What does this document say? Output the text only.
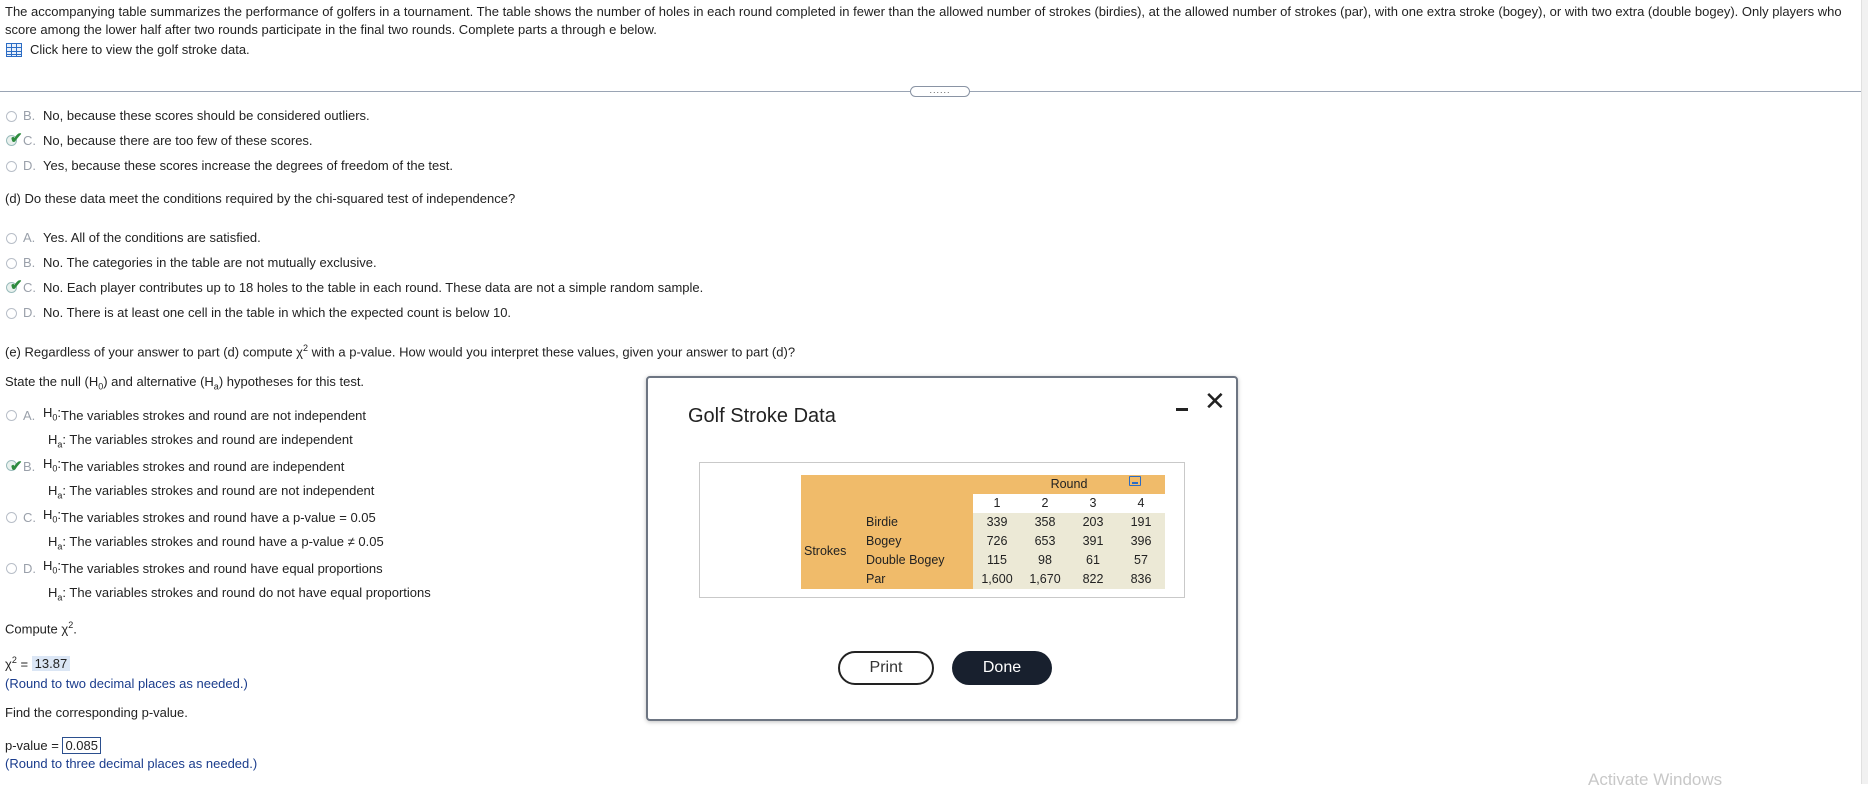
The accompanying table summarizes the performance of golfers in a tournament. The table shows the number of holes in each round completed in fewer than the allowed number of strokes (birdies), at the allowed number of strokes (par), with one extra stroke (bogey), or with two extra (double bogey). Only players who score among the lower half after two rounds participate in the final two rounds. Complete parts a through e below.
Click here to view the golf stroke data.
......
B. No, because these scores should be considered outliers.
✔ C. No, because there are too few of these scores.
D. Yes, because these scores increase the degrees of freedom of the test.
(d) Do these data meet the conditions required by the chi-squared test of independence?
A. Yes. All of the conditions are satisfied.
B. No. The categories in the table are not mutually exclusive.
✔ C. No. Each player contributes up to 18 holes to the table in each round. These data are not a simple random sample.
D. No. There is at least one cell in the table in which the expected count is below 10.
(e) Regardless of your answer to part (d) compute $\chi^2$ with a p-value. How would you interpret these values, given your answer to part (d)?
State the null $(H_0)$ and alternative $(H_a)$ hypotheses for this test.
A. $H_0$: The variables strokes and round are not independent
$H_a$: The variables strokes and round are independent
✔ B. $H_0$: The variables strokes and round are independent
$H_a$: The variables strokes and round are not independent
C. $H_0$: The variables strokes and round have a p-value = 0.05
$H_a$: The variables strokes and round have a p-value ≠ 0.05
D. $H_0$: The variables strokes and round have equal proportions
$H_a$: The variables strokes and round do not have equal proportions
Compute $\chi^2$.
$\chi^2 = 13.87$
(Round to two decimal places as needed.)
Find the corresponding p-value.
p-value = 0.085
(Round to three decimal places as needed.)
Golf Stroke Data	✕
		Round			
		1	2	3	4
Strokes	Birdie	339	358	203	191
	Bogey	726	653	391	396
	Double Bogey	115	98	61	57
	Par	1,600	1,670	822	836
Print	Done
Activate Windows
